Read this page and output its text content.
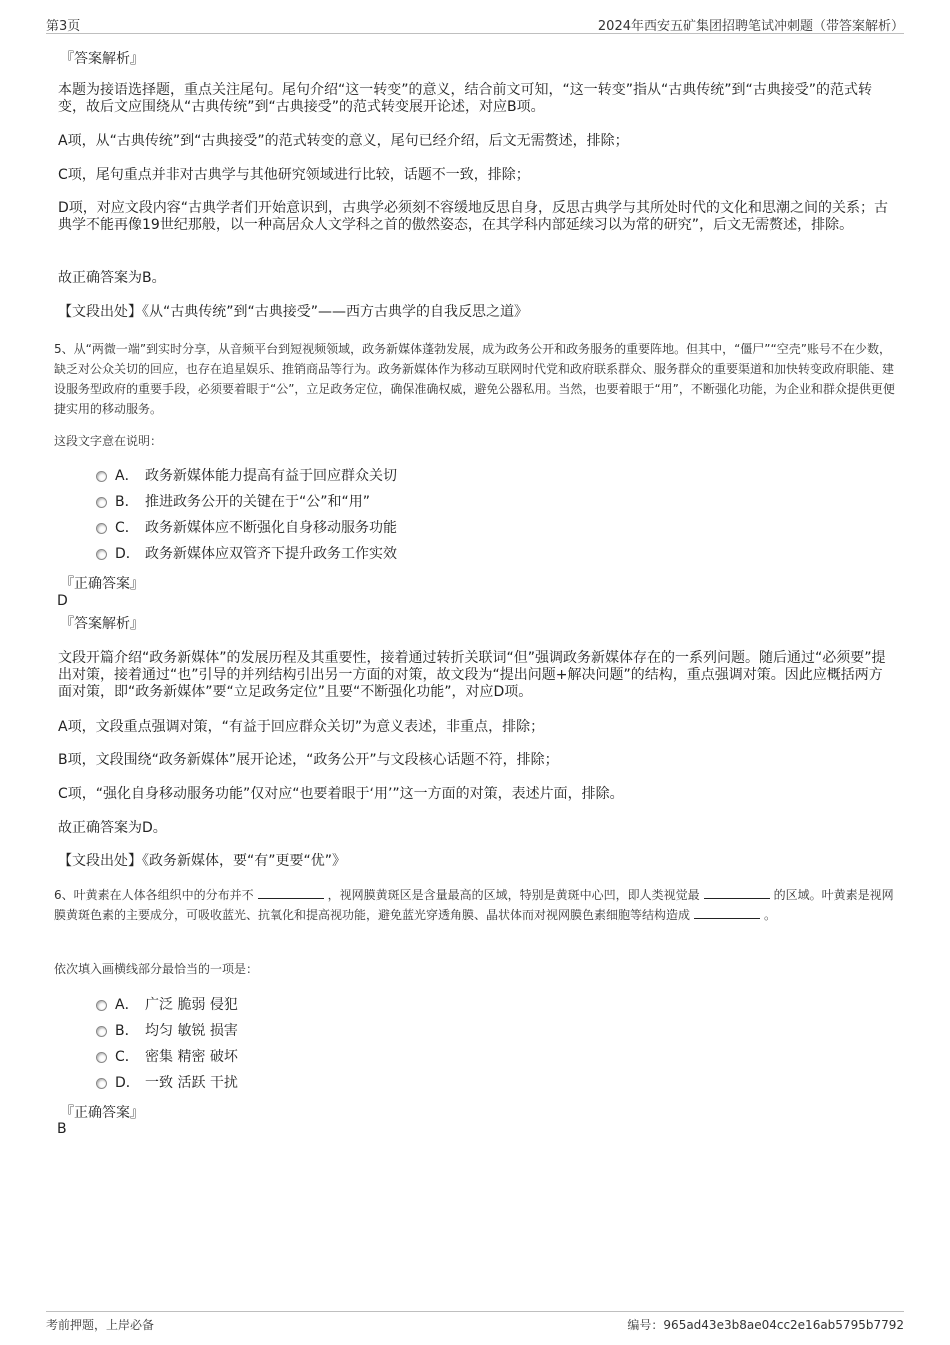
第3页	2024年西安五矿集团招聘笔试冲刺题（带答案解析）
『答案解析』
本题为接语选择题，重点关注尾句。尾句介绍“这一转变”的意义，结合前文可知，“这一转变”指从“古典传统”到“古典接受”的范式转变，故后文应围绕从“古典传统”到“古典接受”的范式转变展开论述，对应B项。
A项，从“古典传统”到“古典接受”的范式转变的意义，尾句已经介绍，后文无需赘述，排除；
C项，尾句重点并非对古典学与其他研究领域进行比较，话题不一致，排除；
D项，对应文段内容“古典学者们开始意识到，古典学必须刻不容缓地反思自身，反思古典学与其所处时代的文化和思潮之间的关系；古典学不能再像19世纪那般，以一种高居众人文学科之首的傲然姿态，在其学科内部延续习以为常的研究”，后文无需赘述，排除。
故正确答案为B。
【文段出处】《从“古典传统”到“古典接受”——西方古典学的自我反思之道》
5、从“两微一端”到实时分享，从音频平台到短视频领域，政务新媒体蓬勃发展，成为政务公开和政务服务的重要阵地。但其中，“僵尸”“空壳”账号不在少数，缺乏对公众关切的回应，也存在追星娱乐、推销商品等行为。政务新媒体作为移动互联网时代党和政府联系群众、服务群众的重要渠道和加快转变政府职能、建设服务型政府的重要手段，必须要着眼于“公”，立足政务定位，确保准确权威，避免公器私用。当然，也要着眼于“用”，不断强化功能，为企业和群众提供更便捷实用的移动服务。
这段文字意在说明：
A． 政务新媒体能力提高有益于回应群众关切
B． 推进政务公开的关键在于“公”和“用”
C． 政务新媒体应不断强化自身移动服务功能
D． 政务新媒体应双管齐下提升政务工作实效
『正确答案』
D
『答案解析』
文段开篇介绍“政务新媒体”的发展历程及其重要性，接着通过转折关联词“但”强调政务新媒体存在的一系列问题。随后通过“必须要”提出对策，接着通过“也”引导的并列结构引出另一方面的对策，故文段为“提出问题+解决问题”的结构，重点强调对策。因此应概括两方面对策，即“政务新媒体”要“立足政务定位”且要“不断强化功能”，对应D项。
A项，文段重点强调对策，“有益于回应群众关切”为意义表述，非重点，排除；
B项，文段围绕“政务新媒体”展开论述，“政务公开”与文段核心话题不符，排除；
C项，“强化自身移动服务功能”仅对应“也要着眼于‘用’”这一方面的对策，表述片面，排除。
故正确答案为D。
【文段出处】《政务新媒体，要“有”更要“优”》
6、叶黄素在人体各组织中的分布并不	，视网膜黄斑区是含量最高的区域，特别是黄斑中心凹，即人类视觉最	的区域。叶黄素是视网膜黄斑色素的主要成分，可吸收蓝光、抗氧化和提高视功能，避免蓝光穿透角膜、晶状体而对视网膜色素细胞等结构造成	。
依次填入画横线部分最恰当的一项是：
A． 广泛 脆弱 侵犯
B． 均匀 敏锐 损害
C． 密集 精密 破坏
D． 一致 活跃 干扰
『正确答案』
B
考前押题，上岸必备	编号：965ad43e3b8ae04cc2e16ab5795b7792
